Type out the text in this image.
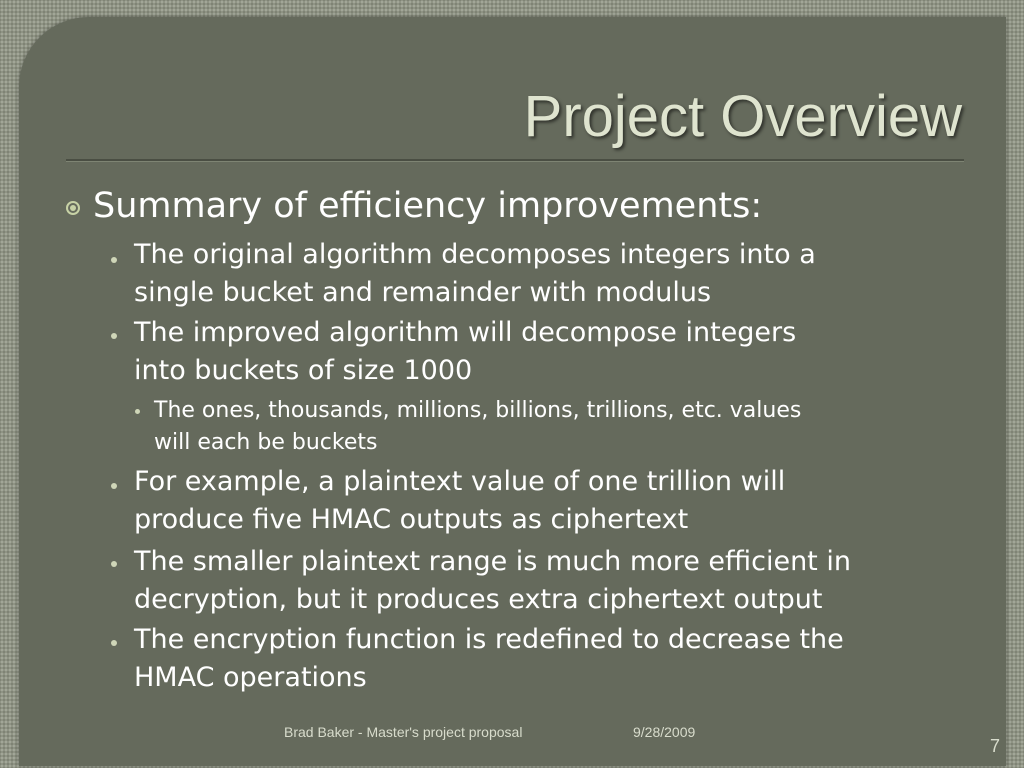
Project Overview
Summary of efficiency improvements:
The original algorithm decomposes integers into a
single bucket and remainder with modulus
The improved algorithm will decompose integers
into buckets of size 1000
The ones, thousands, millions, billions, trillions, etc. values
will each be buckets
For example, a plaintext value of one trillion will
produce five HMAC outputs as ciphertext
The smaller plaintext range is much more efficient in
decryption, but it produces extra ciphertext output
The encryption function is redefined to decrease the
HMAC operations
Brad Baker - Master's project proposal	9/28/2009
7
